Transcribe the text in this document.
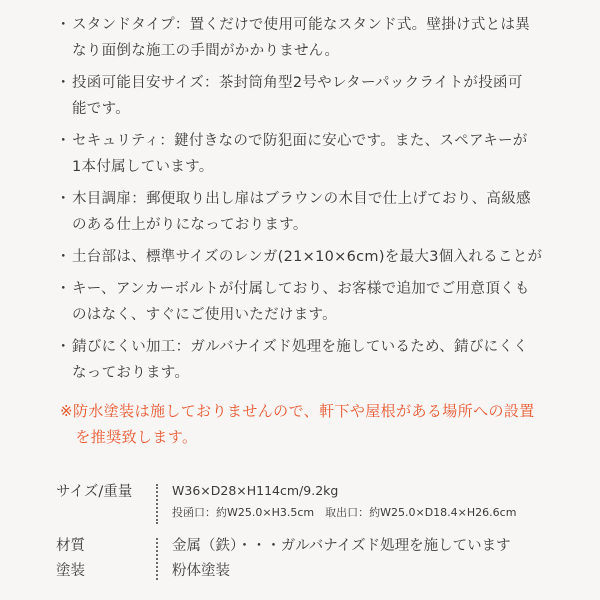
・ スタンドタイプ：置くだけで使用可能なスタンド式。壁掛け式とは異
なり面倒な施工の手間がかかりません。
・ 投函可能目安サイズ：茶封筒角型2号やレターパックライトが投函可
能です。
・ セキュリティ：鍵付きなので防犯面に安心です。また、スペアキーが
1本付属しています。
・ 木目調扉：郵便取り出し扉はブラウンの木目で仕上げており、高級感
のある仕上がりになっております。
・ 土台部は、標準サイズのレンガ(21×10×6cm)を最大3個入れることが
・ キー、アンカーボルトが付属しており、お客様で追加でご用意頂くも
のはなく、すぐにご使用いただけます。
・ 錆びにくい加工：ガルバナイズド処理を施しているため、錆びにくく
なっております。
※防水塗装は施しておりませんので、軒下や屋根がある場所への設置
　を推奨致します。
サイズ/重量	W36×D28×H114cm/9.2kg
投函口：約W25.0×H3.5cm　取出口：約W25.0×D18.4×H26.6cm
材質
塗装
金属（鉄）・・・ガルバナイズド処理を施しています
粉体塗装
